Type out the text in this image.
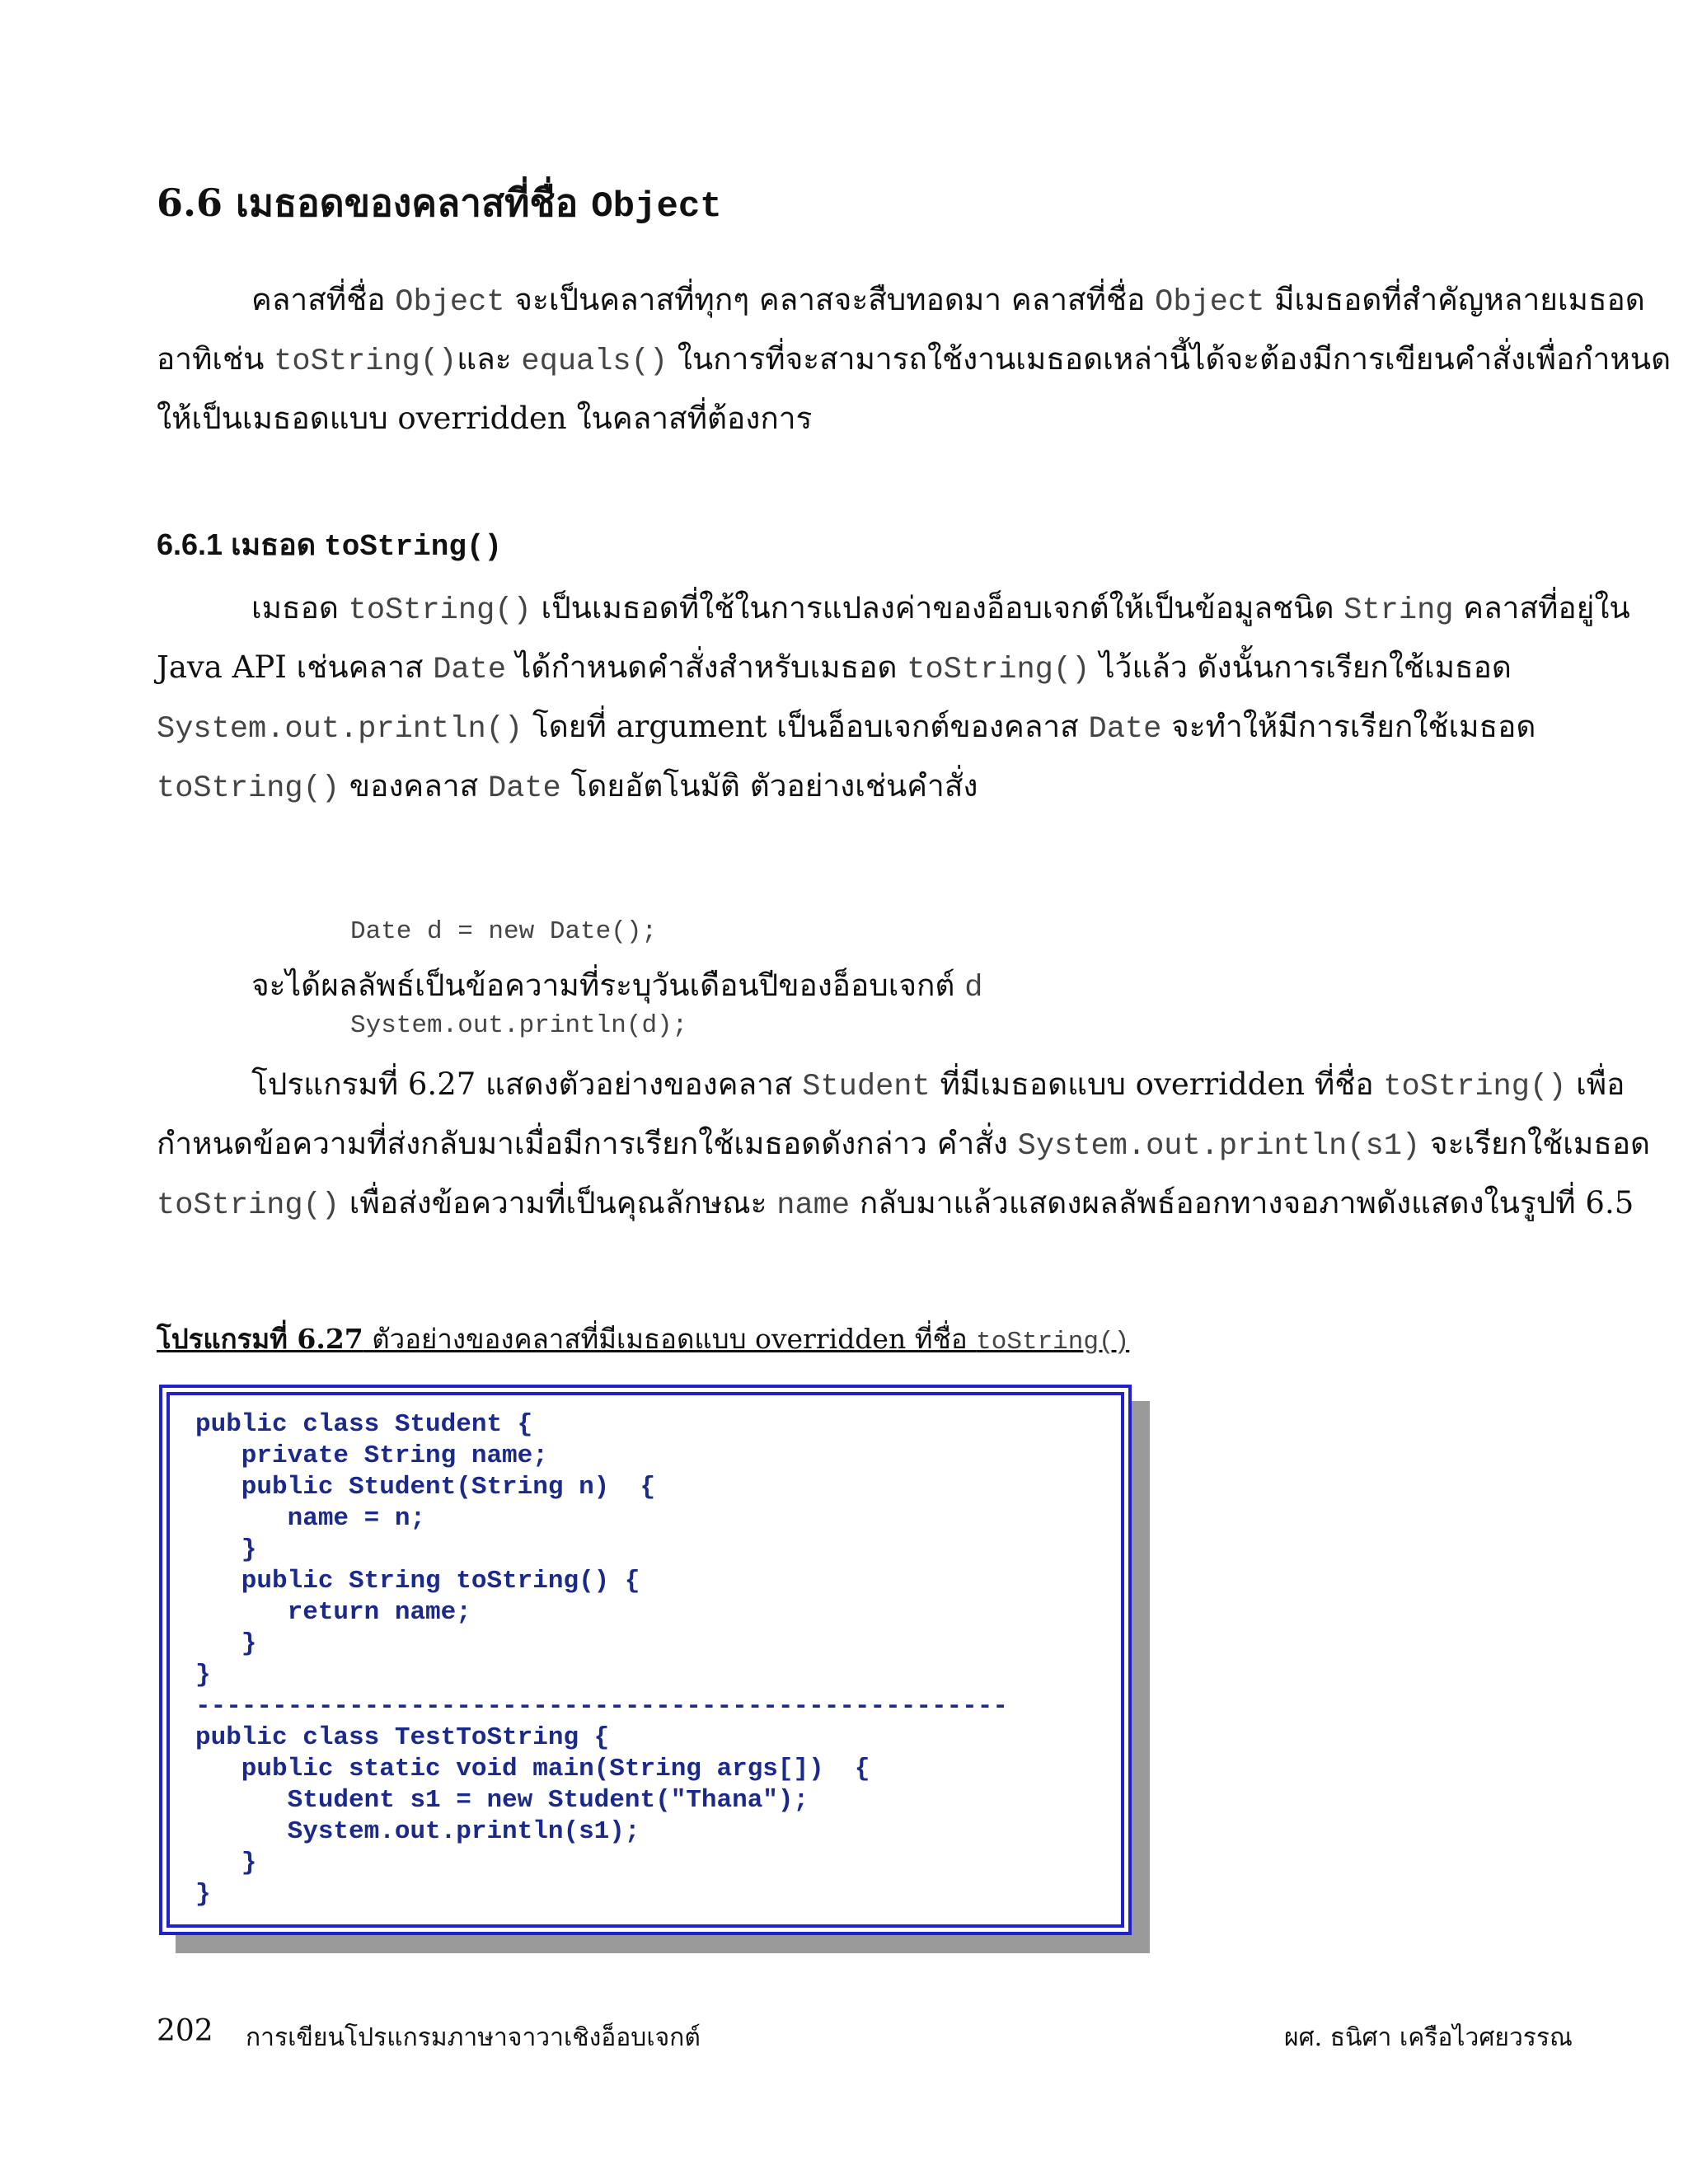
6.6 เมธอดของคลาสที่ชื่อ Object
คลาสที่ชื่อ Object จะเป็นคลาสที่ทุกๆ คลาสจะสืบทอดมา คลาสที่ชื่อ Object มีเมธอดที่สำคัญหลายเมธอด
อาทิเช่น toString()และ equals() ในการที่จะสามารถใช้งานเมธอดเหล่านี้ได้จะต้องมีการเขียนคำสั่งเพื่อกำหนด
ให้เป็นเมธอดแบบ overridden ในคลาสที่ต้องการ
6.6.1 เมธอด toString()
เมธอด toString() เป็นเมธอดที่ใช้ในการแปลงค่าของอ็อบเจกต์ให้เป็นข้อมูลชนิด String คลาสที่อยู่ใน
Java API เช่นคลาส Date ได้กำหนดคำสั่งสำหรับเมธอด toString() ไว้แล้ว ดังนั้นการเรียกใช้เมธอด
System.out.println() โดยที่ argument เป็นอ็อบเจกต์ของคลาส Date จะทำให้มีการเรียกใช้เมธอด
toString() ของคลาส Date โดยอัตโนมัติ ตัวอย่างเช่นคำสั่ง

Date d = new Date();

System.out.println(d);

จะได้ผลลัพธ์เป็นข้อความที่ระบุวันเดือนปีของอ็อบเจกต์ d
โปรแกรมที่ 6.27 แสดงตัวอย่างของคลาส Student ที่มีเมธอดแบบ overridden ที่ชื่อ toString() เพื่อ
กำหนดข้อความที่ส่งกลับมาเมื่อมีการเรียกใช้เมธอดดังกล่าว คำสั่ง System.out.println(s1) จะเรียกใช้เมธอด
toString() เพื่อส่งข้อความที่เป็นคุณลักษณะ name กลับมาแล้วแสดงผลลัพธ์ออกทางจอภาพดังแสดงในรูปที่ 6.5
โปรแกรมที่ 6.27 ตัวอย่างของคลาสที่มีเมธอดแบบ overridden ที่ชื่อ toString()
public class Student {
private String name;
public Student(String n)  {
name = n;
}
public String toString() {
return name;
}
}
-----------------------------------------------------
public class TestToString {
public static void main(String args[])  {
Student s1 = new Student("Thana");
System.out.println(s1);
}
}
202 การเขียนโปรแกรมภาษาจาวาเชิงอ็อบเจกต์	ผศ. ธนิศา เครือไวศยวรรณ
